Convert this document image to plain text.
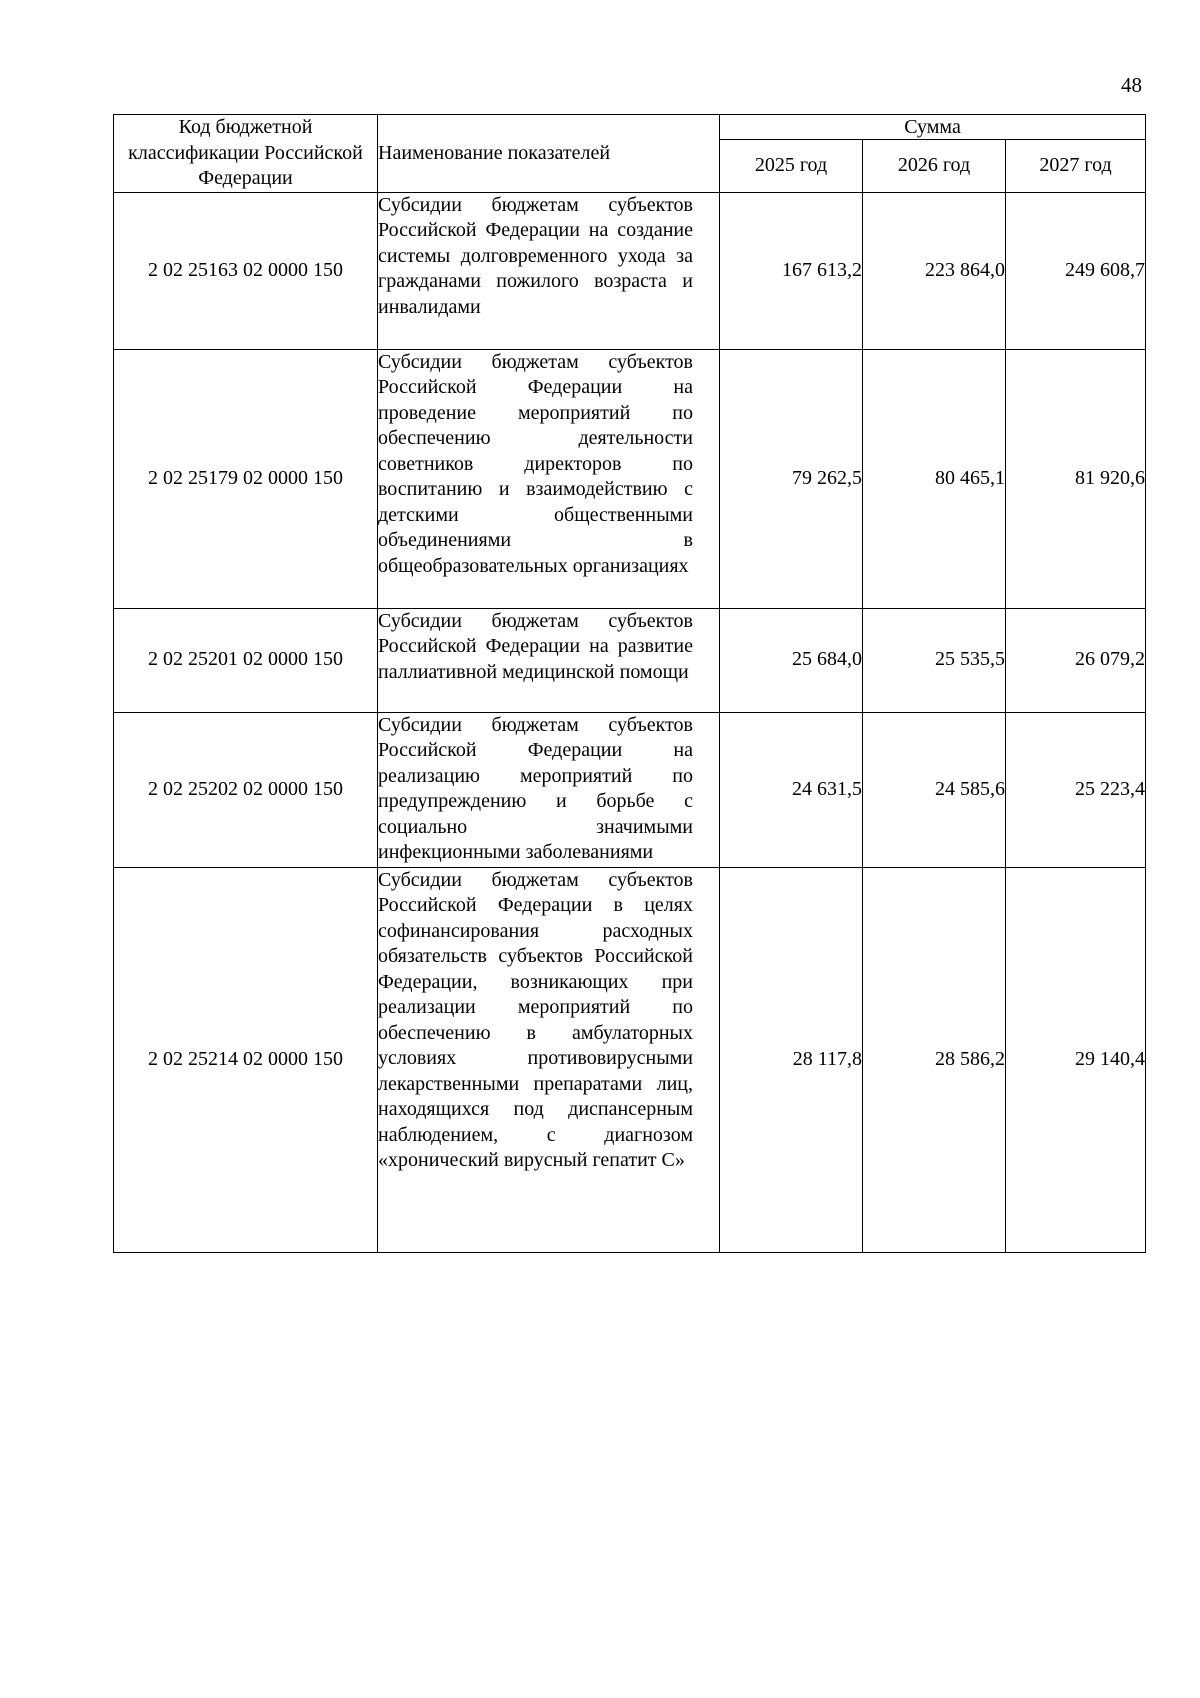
48
Код бюджетной классификации Российской Федерации	Наименование показателей	Сумма		
		2025 год	2026 год	2027 год
2 02 25163 02 0000 150	Субсидии бюджетам субъектов Российской Федерации на создание системы долговременного ухода за гражданами пожилого возраста и инвалидами	167 613,2	223 864,0	249 608,7
2 02 25179 02 0000 150	Субсидии бюджетам субъектов Российской Федерации на проведение мероприятий по обеспечению деятельности советников директоров по воспитанию и взаимодействию с детскими общественными объединениями в общеобразовательных организациях	79 262,5	80 465,1	81 920,6
2 02 25201 02 0000 150	Субсидии бюджетам субъектов Российской Федерации на развитие паллиативной медицинской помощи	25 684,0	25 535,5	26 079,2
2 02 25202 02 0000 150	Субсидии бюджетам субъектов Российской Федерации на реализацию мероприятий по предупреждению и борьбе с социально значимыми инфекционными заболеваниями	24 631,5	24 585,6	25 223,4
2 02 25214 02 0000 150	Субсидии бюджетам субъектов Российской Федерации в целях софинансирования расходных обязательств субъектов Российской Федерации, возникающих при реализации мероприятий по обеспечению в амбулаторных условиях противовирусными лекарственными препаратами лиц, находящихся под диспансерным наблюдением, с диагнозом «хронический вирусный гепатит C»	28 117,8	28 586,2	29 140,4
